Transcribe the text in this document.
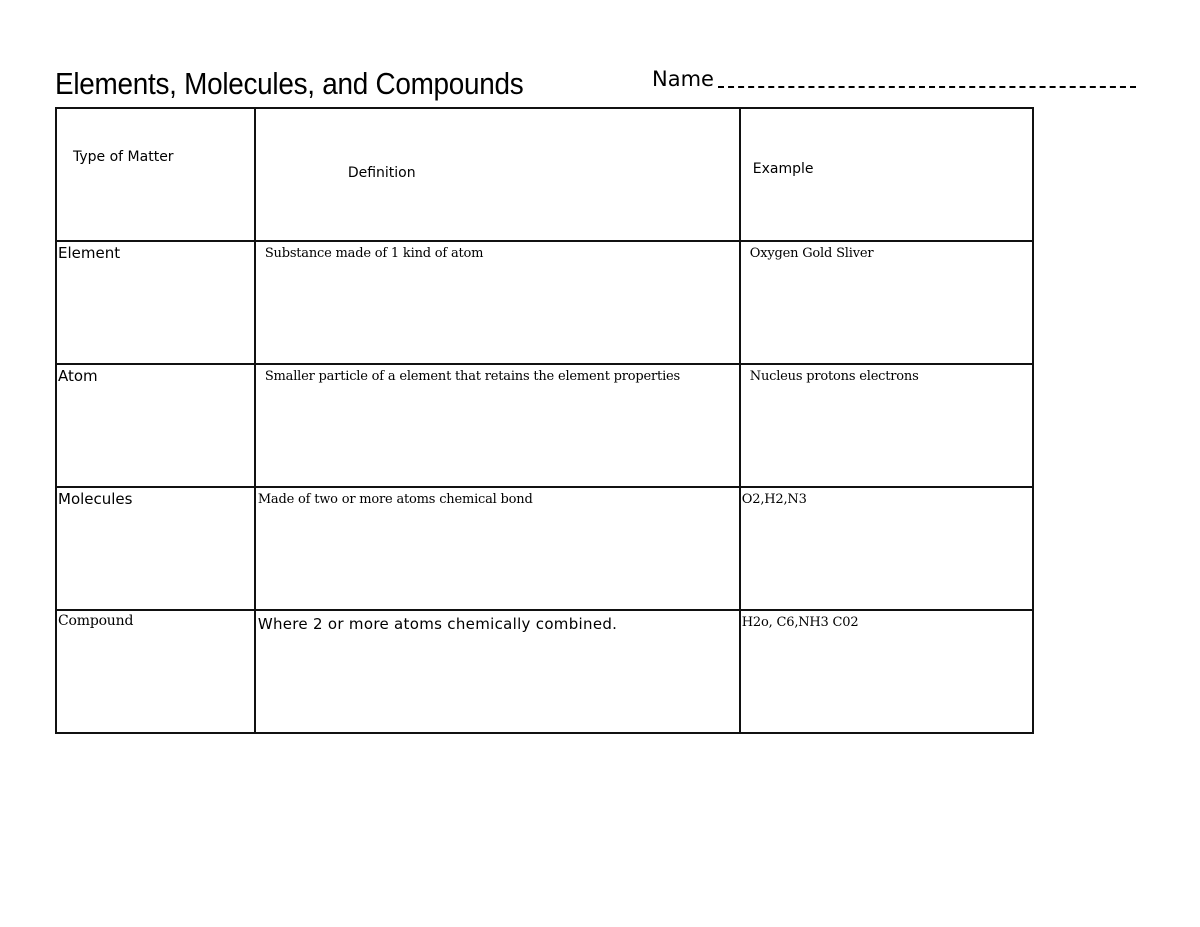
Elements, Molecules, and Compounds	Name
Type of Matter	Definition	Example

Element	Substance made of 1 kind of atom	Oxygen Gold Sliver

Atom	Smaller particle of a element that retains the element properties	Nucleus protons electrons

Molecules	Made of two or more atoms chemical bond	O2,H2,N3

Compound	Where 2 or more atoms chemically combined.	H2o, C6,NH3 C02
